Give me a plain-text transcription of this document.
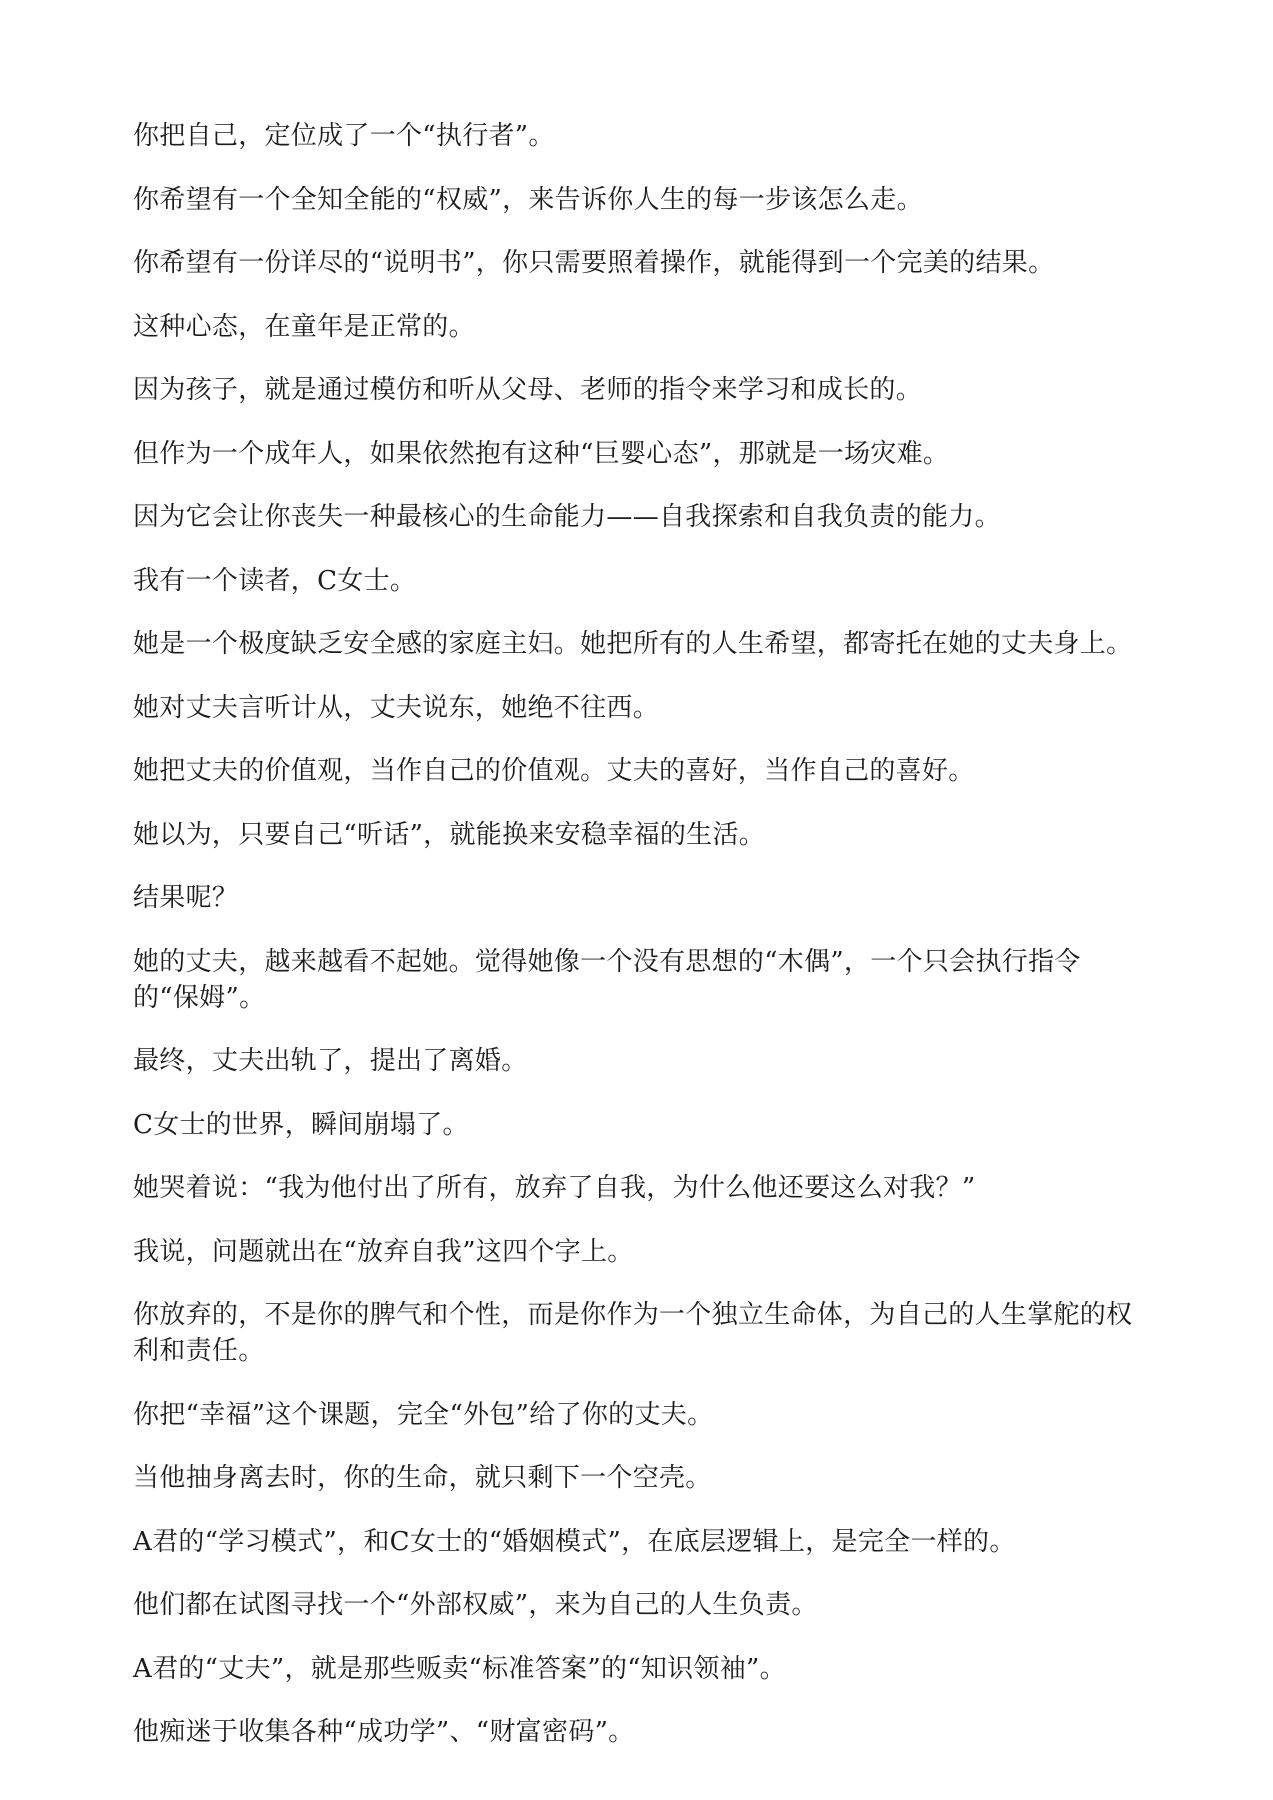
你把自己，定位成了一个“执行者”。

你希望有一个全知全能的“权威”，来告诉你人生的每一步该怎么走。

你希望有一份详尽的“说明书”，你只需要照着操作，就能得到一个完美的结果。

这种心态，在童年是正常的。

因为孩子，就是通过模仿和听从父母、老师的指令来学习和成长的。

但作为一个成年人，如果依然抱有这种“巨婴心态”，那就是一场灾难。

因为它会让你丧失一种最核心的生命能力——自我探索和自我负责的能力。

我有一个读者，C女士。

她是一个极度缺乏安全感的家庭主妇。她把所有的人生希望，都寄托在她的丈夫身上。

她对丈夫言听计从，丈夫说东，她绝不往西。

她把丈夫的价值观，当作自己的价值观。丈夫的喜好，当作自己的喜好。

她以为，只要自己“听话”，就能换来安稳幸福的生活。

结果呢？

她的丈夫，越来越看不起她。觉得她像一个没有思想的“木偶”，一个只会执行指令的“保姆”。

最终，丈夫出轨了，提出了离婚。

C女士的世界，瞬间崩塌了。

她哭着说：“我为他付出了所有，放弃了自我，为什么他还要这么对我？”

我说，问题就出在“放弃自我”这四个字上。

你放弃的，不是你的脾气和个性，而是你作为一个独立生命体，为自己的人生掌舵的权利和责任。

你把“幸福”这个课题，完全“外包”给了你的丈夫。

当他抽身离去时，你的生命，就只剩下一个空壳。

A君的“学习模式”，和C女士的“婚姻模式”，在底层逻辑上，是完全一样的。

他们都在试图寻找一个“外部权威”，来为自己的人生负责。

A君的“丈夫”，就是那些贩卖“标准答案”的“知识领袖”。

他痴迷于收集各种“成功学”、“财富密码”。
